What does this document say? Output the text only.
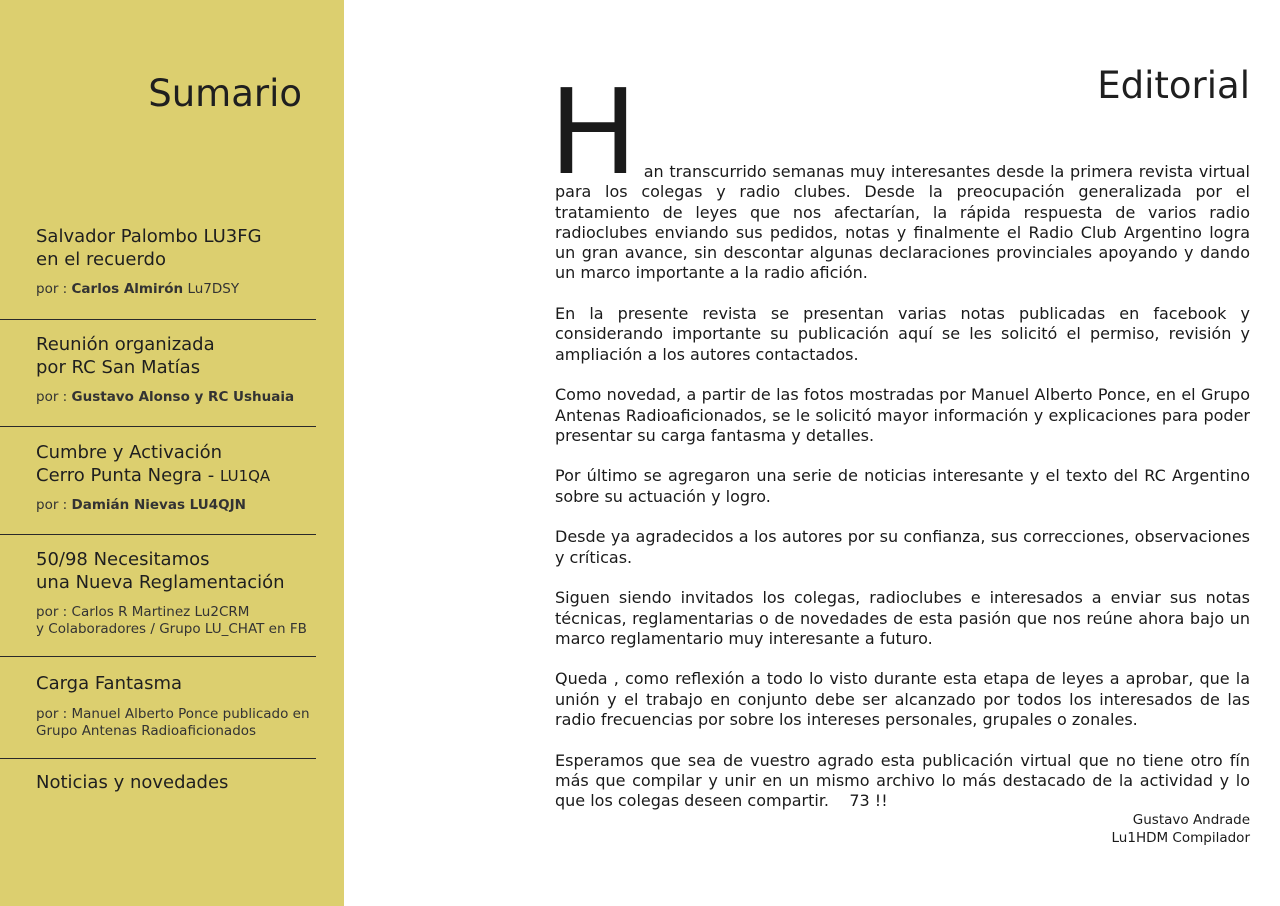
Sumario
Salvador Palombo LU3FG
en el recuerdo
por : Carlos Almirón Lu7DSY
Reunión organizada
por RC San Matías
por : Gustavo Alonso y RC Ushuaia
Cumbre y Activación
Cerro Punta Negra - LU1QA
por : Damián Nievas LU4QJN
50/98 Necesitamos
una Nueva Reglamentación
por : Carlos R Martinez Lu2CRM
y Colaboradores / Grupo LU_CHAT en FB
Carga Fantasma
por : Manuel Alberto Ponce publicado en
Grupo Antenas Radioaficionados
Noticias y novedades
Editorial

Han transcurrido semanas muy interesantes desde la primera revista virtual para los colegas y radio clubes. Desde la preocupación generalizada por el tratamiento de leyes que nos afectarían, la rápida respuesta de varios radio radioclubes enviando sus pedidos, notas y finalmente el Radio Club Argentino logra un gran avance, sin descontar algunas declaraciones provinciales apoyando y dando un marco importante a la radio afición.

En la presente revista se presentan varias notas publicadas en facebook y considerando importante su publicación aquí se les solicitó el permiso, revisión y ampliación a los autores contactados.

Como novedad, a partir de las fotos mostradas por Manuel Alberto Ponce, en el Grupo Antenas Radioaficionados, se le solicitó mayor información y explicaciones para poder presentar su carga fantasma y detalles.

Por último se agregaron una serie de noticias interesante y el texto del RC Argentino sobre su actuación y logro.

Desde ya agradecidos a los autores por su confianza, sus correcciones, observaciones y críticas.

Siguen siendo invitados los colegas, radioclubes e interesados a enviar sus notas técnicas, reglamentarias o de novedades de esta pasión que nos reúne ahora bajo un marco reglamentario muy interesante a futuro.

Queda , como reflexión a todo lo visto durante esta etapa de leyes a aprobar, que la unión y el trabajo en conjunto debe ser alcanzado por todos los interesados de las radio frecuencias por sobre los intereses personales, grupales o zonales.

Esperamos que sea de vuestro agrado esta publicación virtual que no tiene otro fín más que compilar y unir en un mismo archivo lo más destacado de la actividad y lo que los colegas deseen compartir.    73 !!

Gustavo Andrade
Lu1HDM Compilador
